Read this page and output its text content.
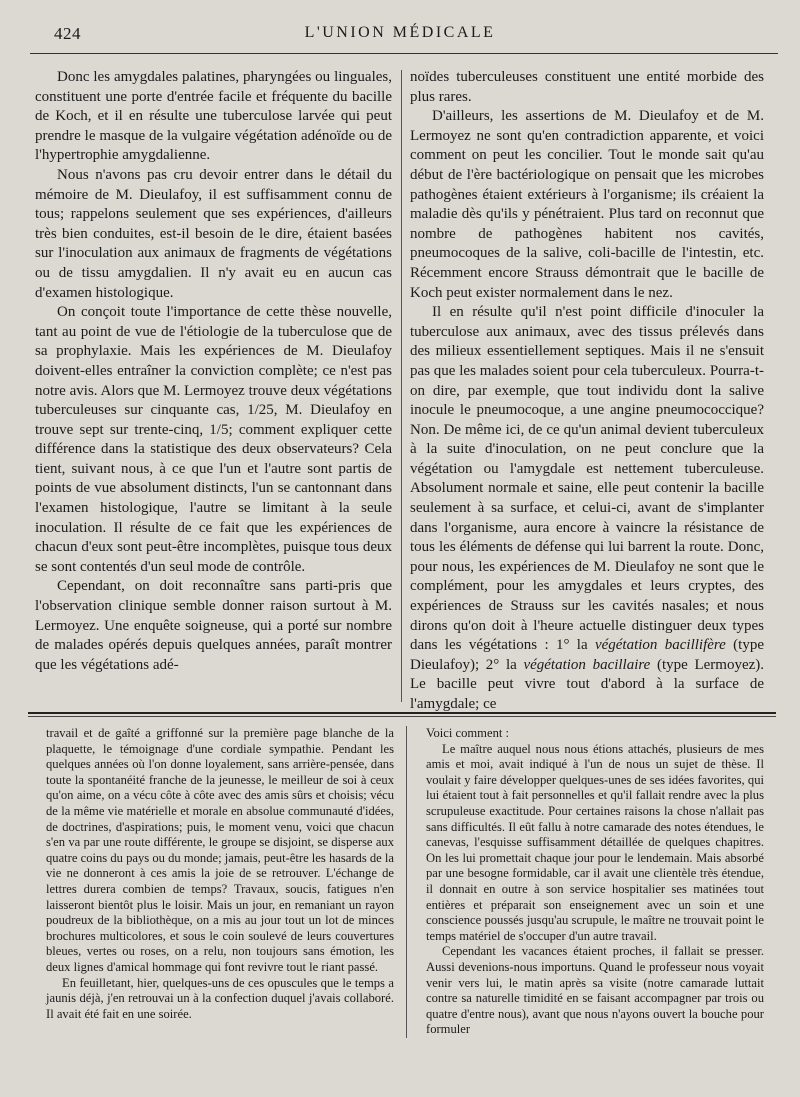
424	L'UNION MÉDICALE

Donc les amygdales palatines, pharyngées ou linguales, constituent une porte d'entrée facile et fréquente du bacille de Koch, et il en résulte une tuberculose larvée qui peut prendre le masque de la vulgaire végétation adénoïde ou de l'hypertrophie amygdalienne.

Nous n'avons pas cru devoir entrer dans le détail du mémoire de M. Dieulafoy, il est suffisamment connu de tous; rappelons seulement que ses expériences, d'ailleurs très bien conduites, est-il besoin de le dire, étaient basées sur l'inoculation aux animaux de fragments de végétations ou de tissu amygdalien. Il n'y avait eu en aucun cas d'examen histologique.

On conçoit toute l'importance de cette thèse nouvelle, tant au point de vue de l'étiologie de la tuberculose que de sa prophylaxie. Mais les expériences de M. Dieulafoy doivent-elles entraîner la conviction complète; ce n'est pas notre avis. Alors que M. Lermoyez trouve deux végétations tuberculeuses sur cinquante cas, 1/25, M. Dieulafoy en trouve sept sur trente-cinq, 1/5; comment expliquer cette différence dans la statistique des deux observateurs? Cela tient, suivant nous, à ce que l'un et l'autre sont partis de points de vue absolument distincts, l'un se cantonnant dans l'examen histologique, l'autre se limitant à la seule inoculation. Il résulte de ce fait que les expériences de chacun d'eux sont peut-être incomplètes, puisque tous deux se sont contentés d'un seul mode de contrôle.

Cependant, on doit reconnaître sans parti-pris que l'observation clinique semble donner raison surtout à M. Lermoyez. Une enquête soigneuse, qui a porté sur nombre de malades opérés depuis quelques années, paraît montrer que les végétations adé-

noïdes tuberculeuses constituent une entité morbide des plus rares.

D'ailleurs, les assertions de M. Dieulafoy et de M. Lermoyez ne sont qu'en contradiction apparente, et voici comment on peut les concilier. Tout le monde sait qu'au début de l'ère bactériologique on pensait que les microbes pathogènes étaient extérieurs à l'organisme; ils créaient la maladie dès qu'ils y pénétraient. Plus tard on reconnut que nombre de pathogènes habitent nos cavités, pneumocoques de la salive, coli-bacille de l'intestin, etc. Récemment encore Strauss démontrait que le bacille de Koch peut exister normalement dans le nez.

Il en résulte qu'il n'est point difficile d'inoculer la tuberculose aux animaux, avec des tissus prélevés dans des milieux essentiellement septiques. Mais il ne s'ensuit pas que les malades soient pour cela tuberculeux. Pourra-t-on dire, par exemple, que tout individu dont la salive inocule le pneumocoque, a une angine pneumococcique? Non. De même ici, de ce qu'un animal devient tuberculeux à la suite d'inoculation, on ne peut conclure que la végétation ou l'amygdale est nettement tuberculeuse. Absolument normale et saine, elle peut contenir la bacille seulement à sa surface, et celui-ci, avant de s'implanter dans l'organisme, aura encore à vaincre la résistance de tous les éléments de défense qui lui barrent la route. Donc, pour nous, les expériences de M. Dieulafoy ne sont que le complément, pour les amygdales et leurs cryptes, des expériences de Strauss sur les cavités nasales; et nous dirons qu'on doit à l'heure actuelle distinguer deux types dans les végétations : 1° la végétation bacillifère (type Dieulafoy); 2° la végétation bacillaire (type Lermoyez). Le bacille peut vivre tout d'abord à la surface de l'amygdale; ce

travail et de gaîté a griffonné sur la première page blanche de la plaquette, le témoignage d'une cordiale sympathie. Pendant les quelques années où l'on donne loyalement, sans arrière-pensée, dans toute la spontanéité franche de la jeunesse, le meilleur de soi à ceux qu'on aime, on a vécu côte à côte avec des amis sûrs et choisis; vécu de la même vie matérielle et morale en absolue communauté d'idées, de doctrines, d'aspirations; puis, le moment venu, voici que chacun s'en va par une route différente, le groupe se disjoint, se disperse aux quatre coins du pays ou du monde; jamais, peut-être les hasards de la vie ne donneront à ces amis la joie de se retrouver. L'échange de lettres durera combien de temps? Travaux, soucis, fatigues n'en laisseront bientôt plus le loisir. Mais un jour, en remaniant un rayon poudreux de la bibliothèque, on a mis au jour tout un lot de minces brochures multicolores, et sous le coin soulevé de leurs couvertures bleues, vertes ou roses, on a relu, non toujours sans émotion, les deux lignes d'amical hommage qui font revivre tout le riant passé.

En feuilletant, hier, quelques-uns de ces opuscules que le temps a jaunis déjà, j'en retrouvai un à la confection duquel j'avais collaboré. Il avait été fait en une soirée.

Voici comment :

Le maître auquel nous nous étions attachés, plusieurs de mes amis et moi, avait indiqué à l'un de nous un sujet de thèse. Il voulait y faire développer quelques-unes de ses idées favorites, qui lui étaient tout à fait personnelles et qu'il fallait rendre avec la plus scrupuleuse exactitude. Pour certaines raisons la chose n'allait pas sans difficultés. Il eût fallu à notre camarade des notes étendues, le canevas, l'esquisse suffisamment détaillée de quelques chapitres. On les lui promettait chaque jour pour le lendemain. Mais absorbé par une besogne formidable, car il avait une clientèle très étendue, il donnait en outre à son service hospitalier ses matinées tout entières et préparait son enseignement avec un soin et une conscience poussés jusqu'au scrupule, le maître ne trouvait point le temps matériel de s'occuper d'un autre travail.

Cependant les vacances étaient proches, il fallait se presser. Aussi devenions-nous importuns. Quand le professeur nous voyait venir vers lui, le matin après sa visite (notre camarade luttait contre sa naturelle timidité en se faisant accompagner par trois ou quatre d'entre nous), avant que nous n'ayons ouvert la bouche pour formuler
